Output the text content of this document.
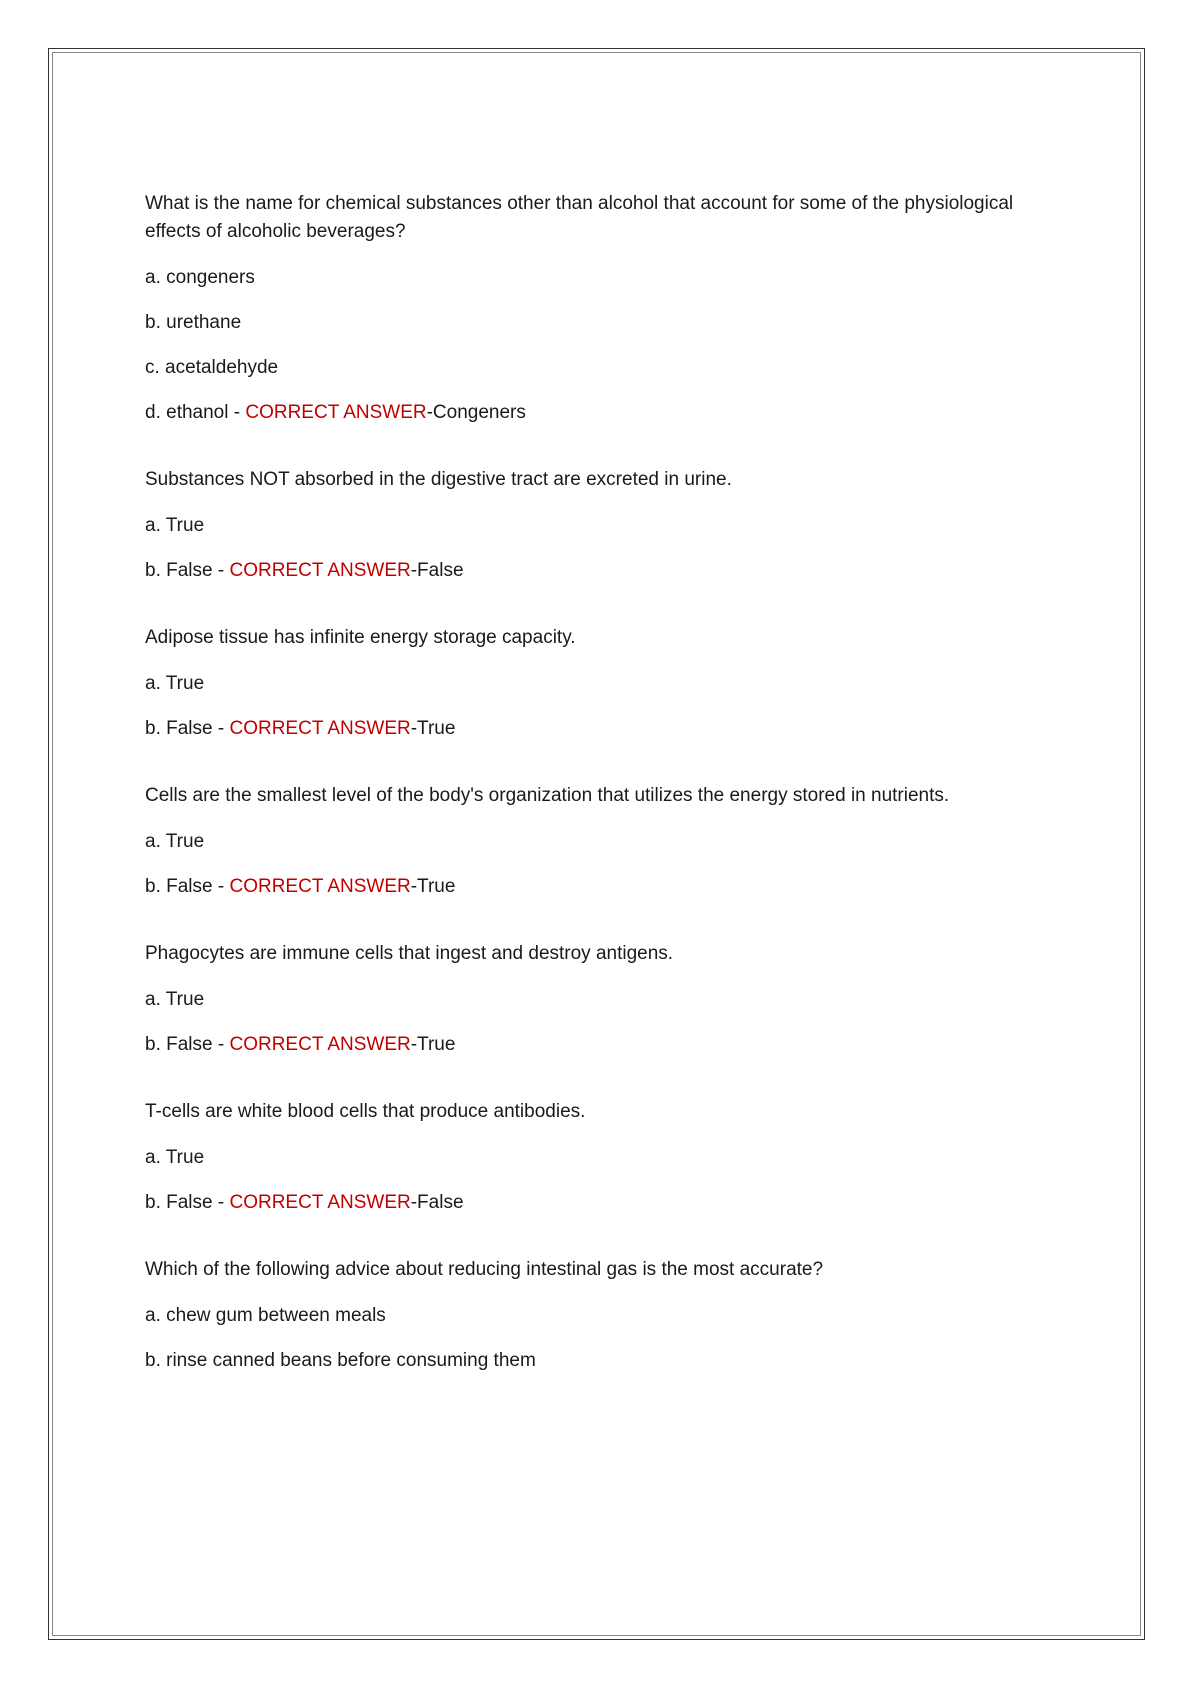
What is the name for chemical substances other than alcohol that account for some of the physiological effects of alcoholic beverages?

a. congeners

b. urethane

c. acetaldehyde

d. ethanol - CORRECT ANSWER-Congeners

Substances NOT absorbed in the digestive tract are excreted in urine.

a. True

b. False - CORRECT ANSWER-False

Adipose tissue has infinite energy storage capacity.

a. True

b. False - CORRECT ANSWER-True

Cells are the smallest level of the body's organization that utilizes the energy stored in nutrients.

a. True

b. False - CORRECT ANSWER-True

Phagocytes are immune cells that ingest and destroy antigens.

a. True

b. False - CORRECT ANSWER-True

T-cells are white blood cells that produce antibodies.

a. True

b. False - CORRECT ANSWER-False

Which of the following advice about reducing intestinal gas is the most accurate?

a. chew gum between meals

b. rinse canned beans before consuming them
